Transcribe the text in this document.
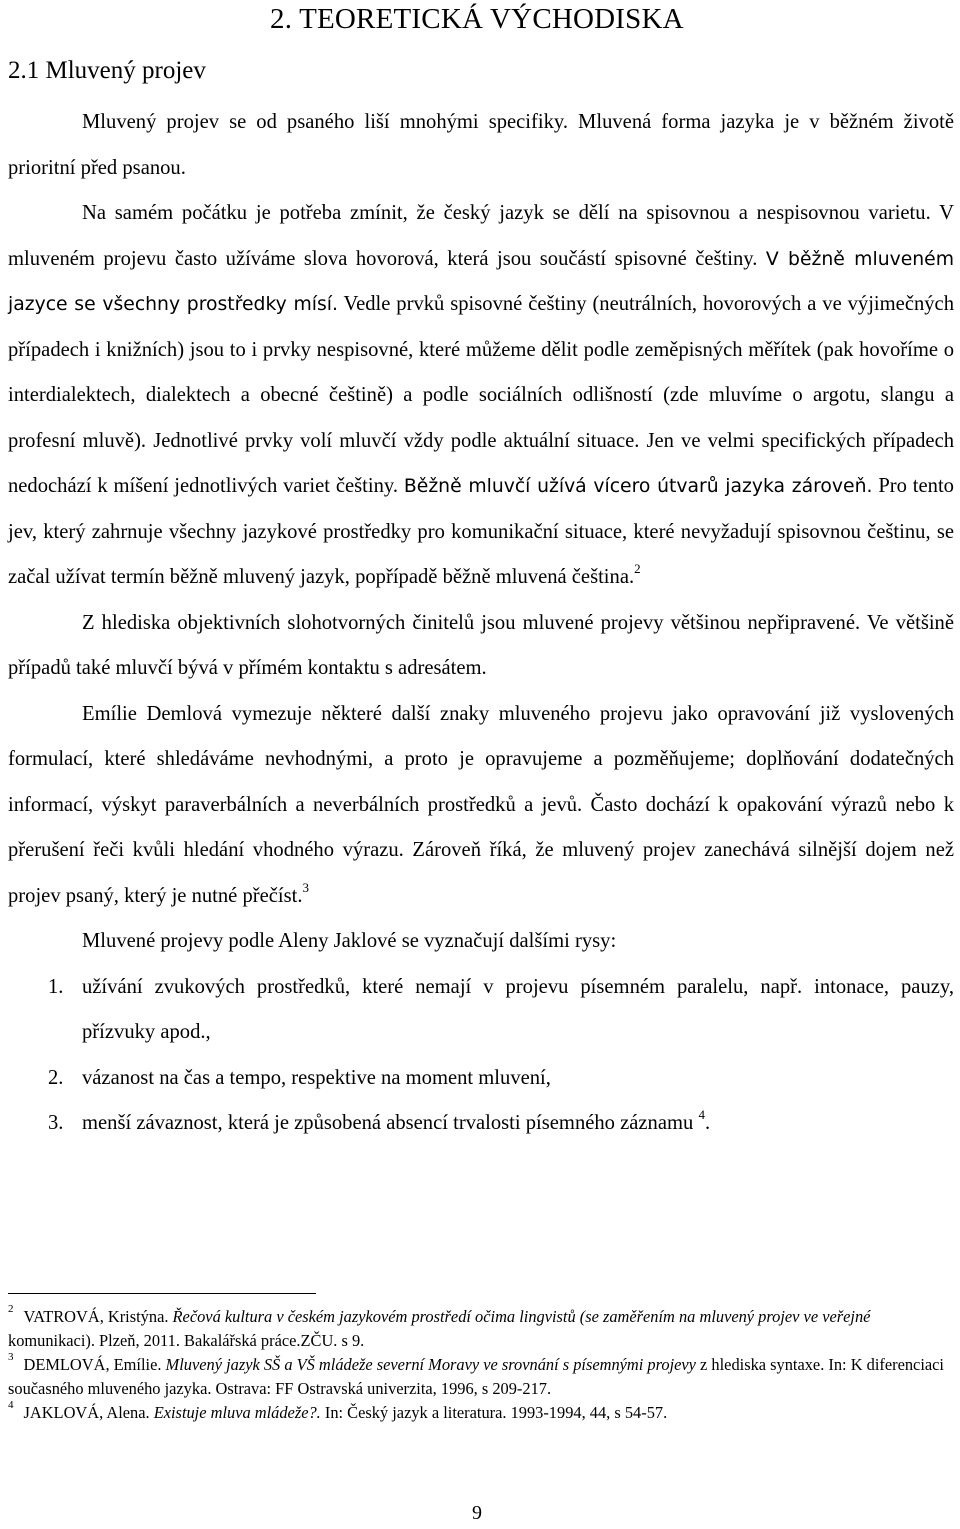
2. TEORETICKÁ VÝCHODISKA
2.1 Mluvený projev

Mluvený projev se od psaného liší mnohými specifiky. Mluvená forma jazyka je v běžném životě prioritní před psanou.

Na samém počátku je potřeba zmínit, že český jazyk se dělí na spisovnou a nespisovnou varietu. V mluveném projevu často užíváme slova hovorová, která jsou součástí spisovné češtiny. V běžně mluveném jazyce se všechny prostředky mísí. Vedle prvků spisovné češtiny (neutrálních, hovorových a ve výjimečných případech i knižních) jsou to i prvky nespisovné, které můžeme dělit podle zeměpisných měřítek (pak hovoříme o interdialektech, dialektech a obecné češtině) a podle sociálních odlišností (zde mluvíme o argotu, slangu a profesní mluvě). Jednotlivé prvky volí mluvčí vždy podle aktuální situace. Jen ve velmi specifických případech nedochází k míšení jednotlivých variet češtiny. Běžně mluvčí užívá vícero útvarů jazyka zároveň. Pro tento jev, který zahrnuje všechny jazykové prostředky pro komunikační situace, které nevyžadují spisovnou češtinu, se začal užívat termín běžně mluvený jazyk, popřípadě běžně mluvená čeština.$^2$

Z hlediska objektivních slohotvorných činitelů jsou mluvené projevy většinou nepřipravené. Ve většině případů také mluvčí bývá v přímém kontaktu s adresátem.

Emílie Demlová vymezuje některé další znaky mluveného projevu jako opravování již vyslovených formulací, které shledáváme nevhodnými, a proto je opravujeme a pozměňujeme; doplňování dodatečných informací, výskyt paraverbálních a neverbálních prostředků a jevů. Často dochází k opakování výrazů nebo k přerušení řeči kvůli hledání vhodného výrazu. Zároveň říká, že mluvený projev zanechává silnější dojem než projev psaný, který je nutné přečíst.$^3$

Mluvené projevy podle Aleny Jaklové se vyznačují dalšími rysy:

1. užívání zvukových prostředků, které nemají v projevu písemném paralelu, např. intonace, pauzy, přízvuky apod.,
2. vázanost na čas a tempo, respektive na moment mluvení,
3. menší závaznost, která je způsobená absencí trvalosti písemného záznamu $^4$.

$^2$ VATROVÁ, Kristýna. Řečová kultura v českém jazykovém prostředí očima lingvistů (se zaměřením na mluvený projev ve veřejné komunikaci). Plzeň, 2011. Bakalářská práce.ZČU. s 9.

$^3$ DEMLOVÁ, Emílie. Mluvený jazyk SŠ a VŠ mládeže severní Moravy ve srovnání s písemnými projevy z hlediska syntaxe. In: K diferenciaci současného mluveného jazyka. Ostrava: FF Ostravská univerzita, 1996, s 209-217.

$^4$ JAKLOVÁ, Alena. Existuje mluva mládeže?. In: Český jazyk a literatura. 1993-1994, 44, s 54-57.

9
